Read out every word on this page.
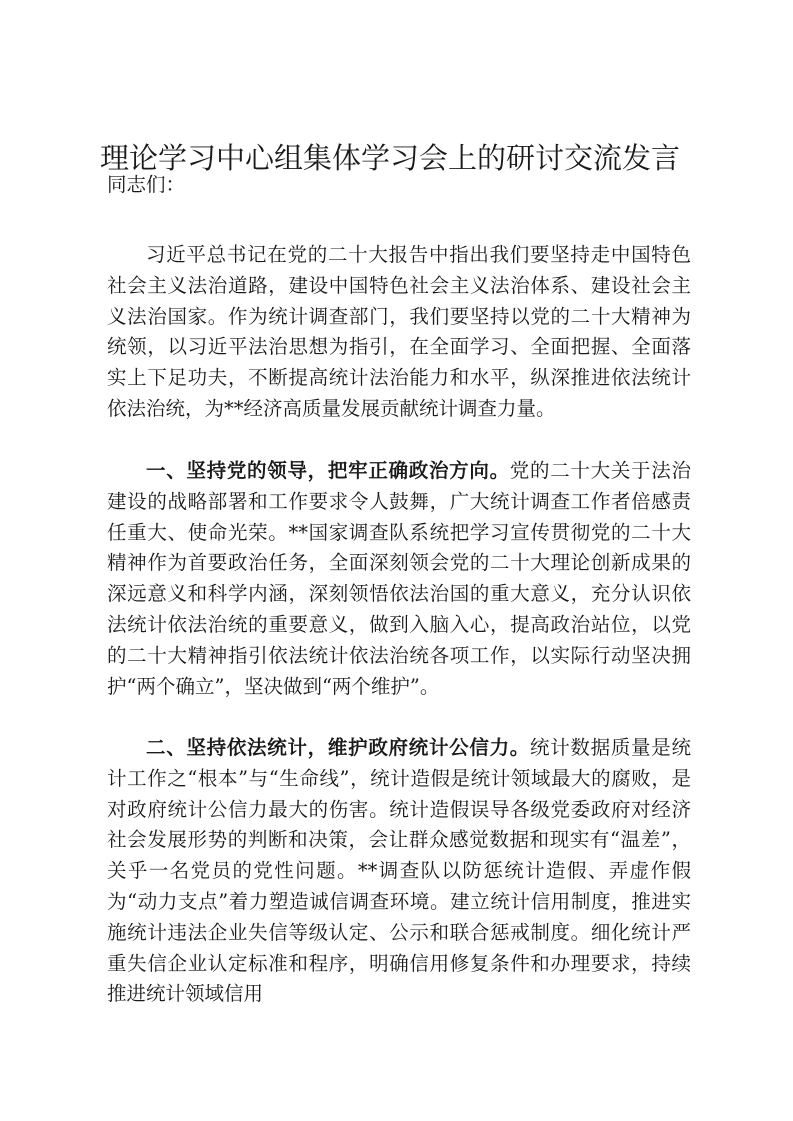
理论学习中心组集体学习会上的研讨交流发言

同志们：

习近平总书记在党的二十大报告中指出我们要坚持走中国特色社会主义法治道路，建设中国特色社会主义法治体系、建设社会主义法治国家。作为统计调查部门，我们要坚持以党的二十大精神为统领，以习近平法治思想为指引，在全面学习、全面把握、全面落实上下足功夫，不断提高统计法治能力和水平，纵深推进依法统计依法治统，为**经济高质量发展贡献统计调查力量。

一、坚持党的领导，把牢正确政治方向。党的二十大关于法治建设的战略部署和工作要求令人鼓舞，广大统计调查工作者倍感责任重大、使命光荣。**国家调查队系统把学习宣传贯彻党的二十大精神作为首要政治任务，全面深刻领会党的二十大理论创新成果的深远意义和科学内涵，深刻领悟依法治国的重大意义，充分认识依法统计依法治统的重要意义，做到入脑入心，提高政治站位，以党的二十大精神指引依法统计依法治统各项工作，以实际行动坚决拥护“两个确立”，坚决做到“两个维护”。

二、坚持依法统计，维护政府统计公信力。统计数据质量是统计工作之“根本”与“生命线”，统计造假是统计领域最大的腐败，是对政府统计公信力最大的伤害。统计造假误导各级党委政府对经济社会发展形势的判断和决策，会让群众感觉数据和现实有“温差”，关乎一名党员的党性问题。**调查队以防惩统计造假、弄虚作假为“动力支点”着力塑造诚信调查环境。建立统计信用制度，推进实施统计违法企业失信等级认定、公示和联合惩戒制度。细化统计严重失信企业认定标准和程序，明确信用修复条件和办理要求，持续推进统计领域信用
